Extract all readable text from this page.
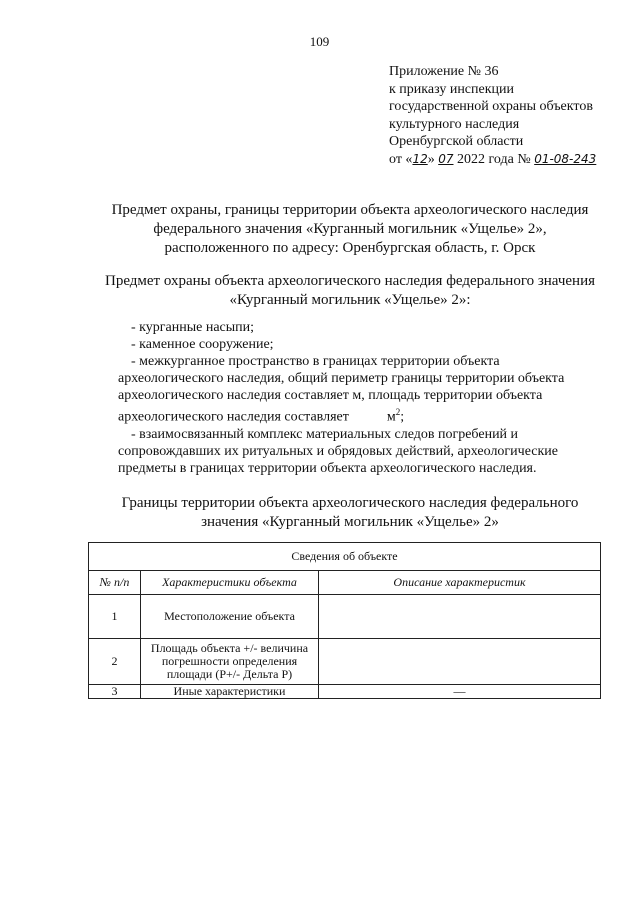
109
Приложение № 36
к приказу инспекции
государственной охраны объектов
культурного наследия
Оренбургской области
от «12» 07 2022 года № 01-08-243
Предмет охраны, границы территории объекта археологического наследия
федерального значения «Курганный могильник «Ущелье» 2»,
расположенного по адресу: Оренбургская область, г. Орск
Предмет охраны объекта археологического наследия федерального значения
«Курганный могильник «Ущелье» 2»:
- курганные насыпи;
- каменное сооружение;
- межкурганное пространство в границах территории объекта
археологического наследия, общий периметр границы территории объекта
археологического наследия составляет м, площадь территории объекта
археологического наследия составляет	$м^2$;
- взаимосвязанный комплекс материальных следов погребений и
сопровождавших их ритуальных и обрядовых действий, археологические
предметы в границах территории объекта археологического наследия.
Границы территории объекта археологического наследия федерального
значения «Курганный могильник «Ущелье» 2»
Сведения об объекте		
№ п/п	Характеристики объекта	Описание характеристик
1	Местоположение объекта	
2	Площадь объекта +/- величина
погрешности определения
площади (Р+/- Дельта Р)	

3	Иные характеристики	—
